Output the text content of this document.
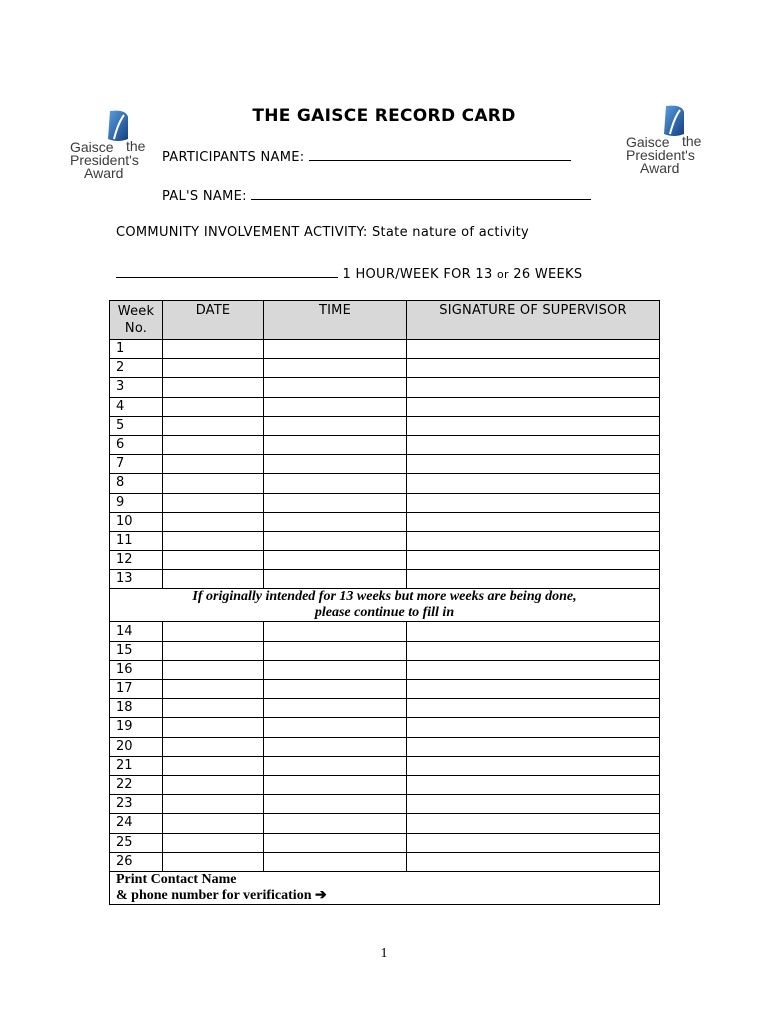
Gaisce the
President's
Award
Gaisce the
President's
Award
THE GAISCE RECORD CARD
PARTICIPANTS NAME:
PAL'S NAME:
COMMUNITY INVOLVEMENT ACTIVITY: State nature of activity
1 HOUR/WEEK FOR 13 or 26 WEEKS
Week
No.	DATE	TIME	SIGNATURE OF SUPERVISOR
1			
2			
3			
4			
5			
6			
7			
8			
9			
10			
11			
12			
13			
If originally intended for 13 weeks but more weeks are being done,
please continue to fill in			
14			
15			
16			
17			
18			
19			
20			
21			
22			
23			
24			
25			
26			
Print Contact Name
& phone number for verification ➔			
1
